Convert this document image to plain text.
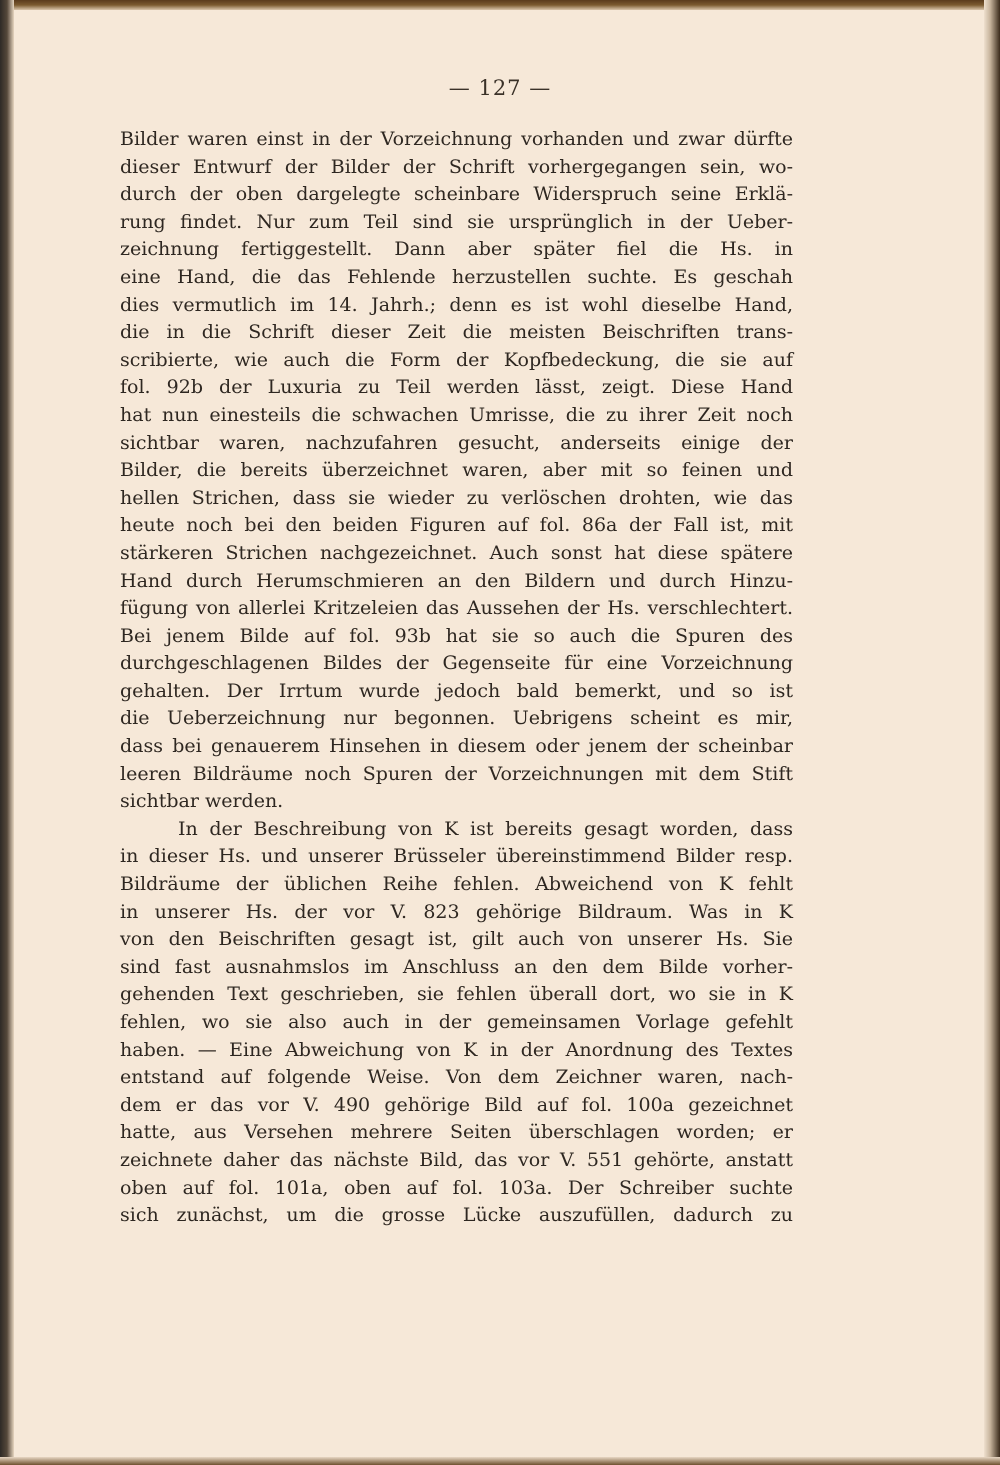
— 127 —
Bilder waren einst in der Vorzeichnung vorhanden und zwar dürfte
dieser Entwurf der Bilder der Schrift vorhergegangen sein, wo-
durch der oben dargelegte scheinbare Widerspruch seine Erklä-
rung findet. Nur zum Teil sind sie ursprünglich in der Ueber-
zeichnung fertiggestellt. Dann aber später fiel die Hs. in
eine Hand, die das Fehlende herzustellen suchte. Es geschah
dies vermutlich im 14. Jahrh.; denn es ist wohl dieselbe Hand,
die in die Schrift dieser Zeit die meisten Beischriften trans-
scribierte, wie auch die Form der Kopfbedeckung, die sie auf
fol. 92b der Luxuria zu Teil werden lässt, zeigt. Diese Hand
hat nun einesteils die schwachen Umrisse, die zu ihrer Zeit noch
sichtbar waren, nachzufahren gesucht, anderseits einige der
Bilder, die bereits überzeichnet waren, aber mit so feinen und
hellen Strichen, dass sie wieder zu verlöschen drohten, wie das
heute noch bei den beiden Figuren auf fol. 86a der Fall ist, mit
stärkeren Strichen nachgezeichnet. Auch sonst hat diese spätere
Hand durch Herumschmieren an den Bildern und durch Hinzu-
fügung von allerlei Kritzeleien das Aussehen der Hs. verschlechtert.
Bei jenem Bilde auf fol. 93b hat sie so auch die Spuren des
durchgeschlagenen Bildes der Gegenseite für eine Vorzeichnung
gehalten. Der Irrtum wurde jedoch bald bemerkt, und so ist
die Ueberzeichnung nur begonnen. Uebrigens scheint es mir,
dass bei genauerem Hinsehen in diesem oder jenem der scheinbar
leeren Bildräume noch Spuren der Vorzeichnungen mit dem Stift
sichtbar werden.
In der Beschreibung von K ist bereits gesagt worden, dass
in dieser Hs. und unserer Brüsseler übereinstimmend Bilder resp.
Bildräume der üblichen Reihe fehlen. Abweichend von K fehlt
in unserer Hs. der vor V. 823 gehörige Bildraum. Was in K
von den Beischriften gesagt ist, gilt auch von unserer Hs. Sie
sind fast ausnahmslos im Anschluss an den dem Bilde vorher-
gehenden Text geschrieben, sie fehlen überall dort, wo sie in K
fehlen, wo sie also auch in der gemeinsamen Vorlage gefehlt
haben. — Eine Abweichung von K in der Anordnung des Textes
entstand auf folgende Weise. Von dem Zeichner waren, nach-
dem er das vor V. 490 gehörige Bild auf fol. 100a gezeichnet
hatte, aus Versehen mehrere Seiten überschlagen worden; er
zeichnete daher das nächste Bild, das vor V. 551 gehörte, anstatt
oben auf fol. 101a, oben auf fol. 103a. Der Schreiber suchte
sich zunächst, um die grosse Lücke auszufüllen, dadurch zu
